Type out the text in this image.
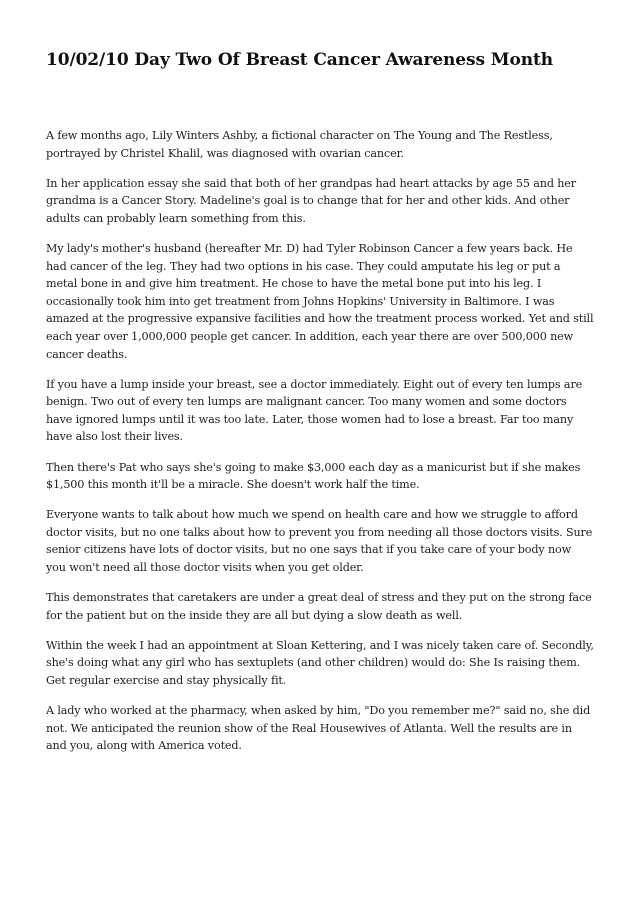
10/02/10 Day Two Of Breast Cancer Awareness Month

A few months ago, Lily Winters Ashby, a fictional character on The Young and The Restless, portrayed by Christel Khalil, was diagnosed with ovarian cancer.

In her application essay she said that both of her grandpas had heart attacks by age 55 and her grandma is a Cancer Story. Madeline's goal is to change that for her and other kids. And other adults can probably learn something from this.

My lady's mother's husband (hereafter Mr. D) had Tyler Robinson Cancer a few years back. He had cancer of the leg. They had two options in his case. They could amputate his leg or put a metal bone in and give him treatment. He chose to have the metal bone put into his leg. I occasionally took him into get treatment from Johns Hopkins' University in Baltimore. I was amazed at the progressive expansive facilities and how the treatment process worked. Yet and still each year over 1,000,000 people get cancer. In addition, each year there are over 500,000 new cancer deaths.

If you have a lump inside your breast, see a doctor immediately. Eight out of every ten lumps are benign. Two out of every ten lumps are malignant cancer. Too many women and some doctors have ignored lumps until it was too late. Later, those women had to lose a breast. Far too many have also lost their lives.

Then there's Pat who says she's going to make $3,000 each day as a manicurist but if she makes $1,500 this month it'll be a miracle. She doesn't work half the time.

Everyone wants to talk about how much we spend on health care and how we struggle to afford doctor visits, but no one talks about how to prevent you from needing all those doctors visits. Sure senior citizens have lots of doctor visits, but no one says that if you take care of your body now you won't need all those doctor visits when you get older.

This demonstrates that caretakers are under a great deal of stress and they put on the strong face for the patient but on the inside they are all but dying a slow death as well.

Within the week I had an appointment at Sloan Kettering, and I was nicely taken care of. Secondly, she's doing what any girl who has sextuplets (and other children) would do: She Is raising them. Get regular exercise and stay physically fit.

A lady who worked at the pharmacy, when asked by him, "Do you remember me?" said no, she did not. We anticipated the reunion show of the Real Housewives of Atlanta. Well the results are in and you, along with America voted.
